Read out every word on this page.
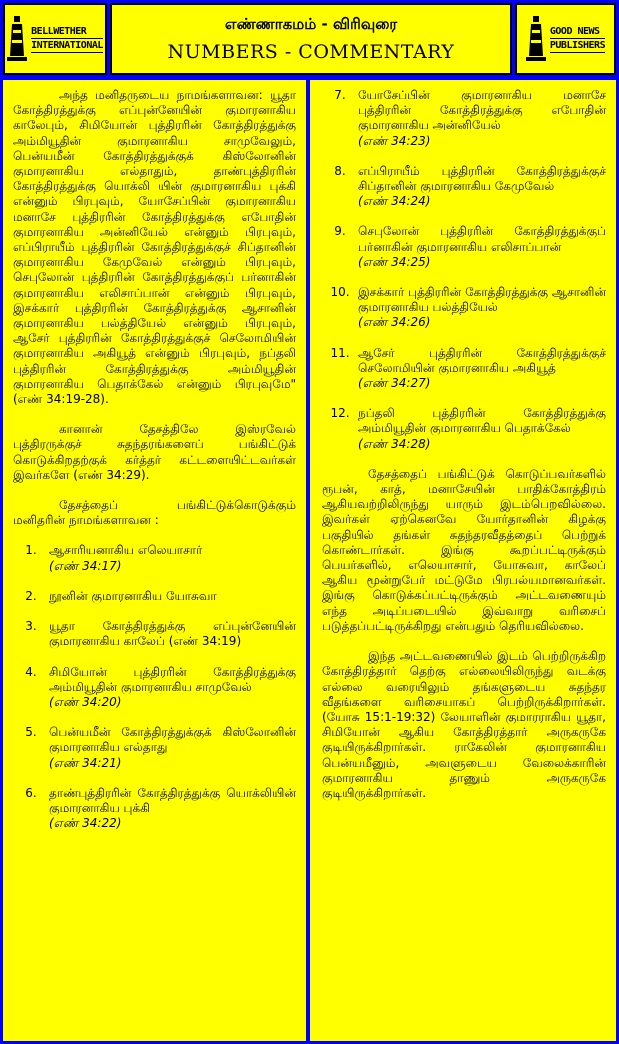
BELLWETHER
INTERNATIONAL
எண்ணாகமம் - விரிவுரை
NUMBERS - COMMENTARY
GOOD NEWS
PUBLISHERS

அந்த மனிதருடைய நாமங்களாவன: யூதா கோத்திரத்துக்கு எப்புன்னேயின் குமாரனாகிய காலேபும், சிமியோன் புத்திரரின் கோத்திரத்துக்கு அம்மியூதின் குமாரனாகிய சாமுவேலும், பென்யமீன் கோத்திரத்துக்குக் கிஸ்லோனின் குமாரனாகிய எல்தாதும், தாண்புத்திரரின் கோத்திரத்துக்கு யொக்லி யின் குமாரனாகிய புக்கி என்னும் பிரபுவும், யோசேப்பின் குமாரனாகிய மனாசே புத்திரரின் கோத்திரத்துக்கு எபோதின் குமாரனாகிய அன்னியேல் என்னும் பிரபுவும், எப்பிராயீம் புத்திரரின் கோத்திரத்துக்குச் சிப்தானின் குமாரனாகிய கேமுவேல் என்னும் பிரபுவும், செபுலோன் புத்திரரின் கோத்திரத்துக்குப் பர்னாகின் குமாரனாகிய எலிசாப்பான் என்னும் பிரபுவும், இசக்கார் புத்திரரின் கோத்திரத்துக்கு ஆசானின் குமாரனாகிய பல்த்தியேல் என்னும் பிரபுவும், ஆசேர் புத்திரரின் கோத்திரத்துக்குச் செலோமியின் குமாரனாகிய அகியூத் என்னும் பிரபுவும், நப்தலி புத்திரரின் கோத்திரத்துக்கு அம்மியூதின் குமாரனாகிய பெதாக்கேல் என்னும் பிரபுவுமே" (எண் 34:19-28).

கானான் தேசத்திலே இஸ்ரவேல் புத்திரருக்குச் சுதந்தரங்களைப் பங்கிட்டுக் கொடுக்கிறதற்குக் கர்த்தர் கட்டளையிட்டவர்கள் இவர்களே (எண் 34:29).

தேசத்தைப் பங்கிட்டுக்கொடுக்கும் மனிதரின் நாமங்களாவன :

1.	ஆசாரியனாகிய எலெயாசார்
(எண் 34:17)
2.	நூனின் குமாரனாகிய யோசுவா
3.	யூதா கோத்திரத்துக்கு எப்புன்னேயின் குமாரனாகிய காலேப் (எண் 34:19)
4.	சிமியோன் புத்திரரின் கோத்திரத்துக்கு அம்மியூதின் குமாரனாகிய சாமுவேல்
(எண் 34:20)
5.	பென்யமீன் கோத்திரத்துக்குக் கிஸ்லோனின் குமாரனாகிய எல்தாது
(எண் 34:21)
6.	தாண்புத்திரரின் கோத்திரத்துக்கு யொக்லியின் குமாரனாகிய புக்கி
(எண் 34:22)
7.	யோசேப்பின் குமாரனாகிய மனாசே புத்திரரின் கோத்திரத்துக்கு எபோதின் குமாரனாகிய அன்னியேல்
(எண் 34:23)
8.	எப்பிராயீம் புத்திரரின் கோத்திரத்துக்குச் சிப்தானின் குமாரனாகிய கேமுவேல்
(எண் 34:24)
9.	செபுலோன் புத்திரரின் கோத்திரத்துக்குப் பர்னாகின் குமாரனாகிய எலிசாப்பான்
(எண் 34:25)
10. இசக்கார் புத்திரரின் கோத்திரத்துக்கு ஆசானின் குமாரனாகிய பல்த்தியேல்
(எண் 34:26)
11. ஆசேர் புத்திரரின் கோத்திரத்துக்குச் செலோமியின் குமாரனாகிய அகியூத்
(எண் 34:27)
12. நப்தலி புத்திரரின் கோத்திரத்துக்கு அம்மியூதின் குமாரனாகிய பெதாக்கேல்
(எண் 34:28)

தேசத்தைப் பங்கிட்டுக் கொடுப்பவர்களில் ரூபன், காத், மனாசேயின் பாதிக்கோத்திரம் ஆகியவற்றிலிருந்து யாரும் இடம்பெறவில்லை. இவர்கள் ஏற்கெனவே யோர்தானின் கிழக்கு பகுதியில் தங்கள் சுதந்தரவீதத்தைப் பெற்றுக் கொண்டார்கள். இங்கு கூறப்பட்டிருக்கும் பெயர்களில், எலெயாசார், யோசுவா, காலேப் ஆகிய மூன்றுபேர் மட்டுமே பிரபல்யமானவர்கள். இங்கு கொடுக்கப்பட்டிருக்கும் அட்டவணையும் எந்த அடிப்படையில் இவ்வாறு வரிசைப் படுத்தப்பட்டிருக்கிறது என்பதும் தெரியவில்லை.

இந்த அட்டவணையில் இடம் பெற்றிருக்கிற கோத்திரத்தார் தெற்கு எல்லையிலிருந்து வடக்கு எல்லை வரையிலும் தங்களுடைய சுதந்தர வீதங்களை வரிசையாகப் பெற்றிருக்கிறார்கள். (யோசு 15:1-19:32) லேயாளின் குமாரராகிய யூதா, சிமியோன் ஆகிய கோத்திரத்தார் அருகருகே குடியிருக்கிறார்கள். ராகேலின் குமாரனாகிய பென்யமீனும், அவளுடைய வேலைக்காரின் குமாரனாகிய தாணும் அருகருகே குடியிருக்கிறார்கள்.
